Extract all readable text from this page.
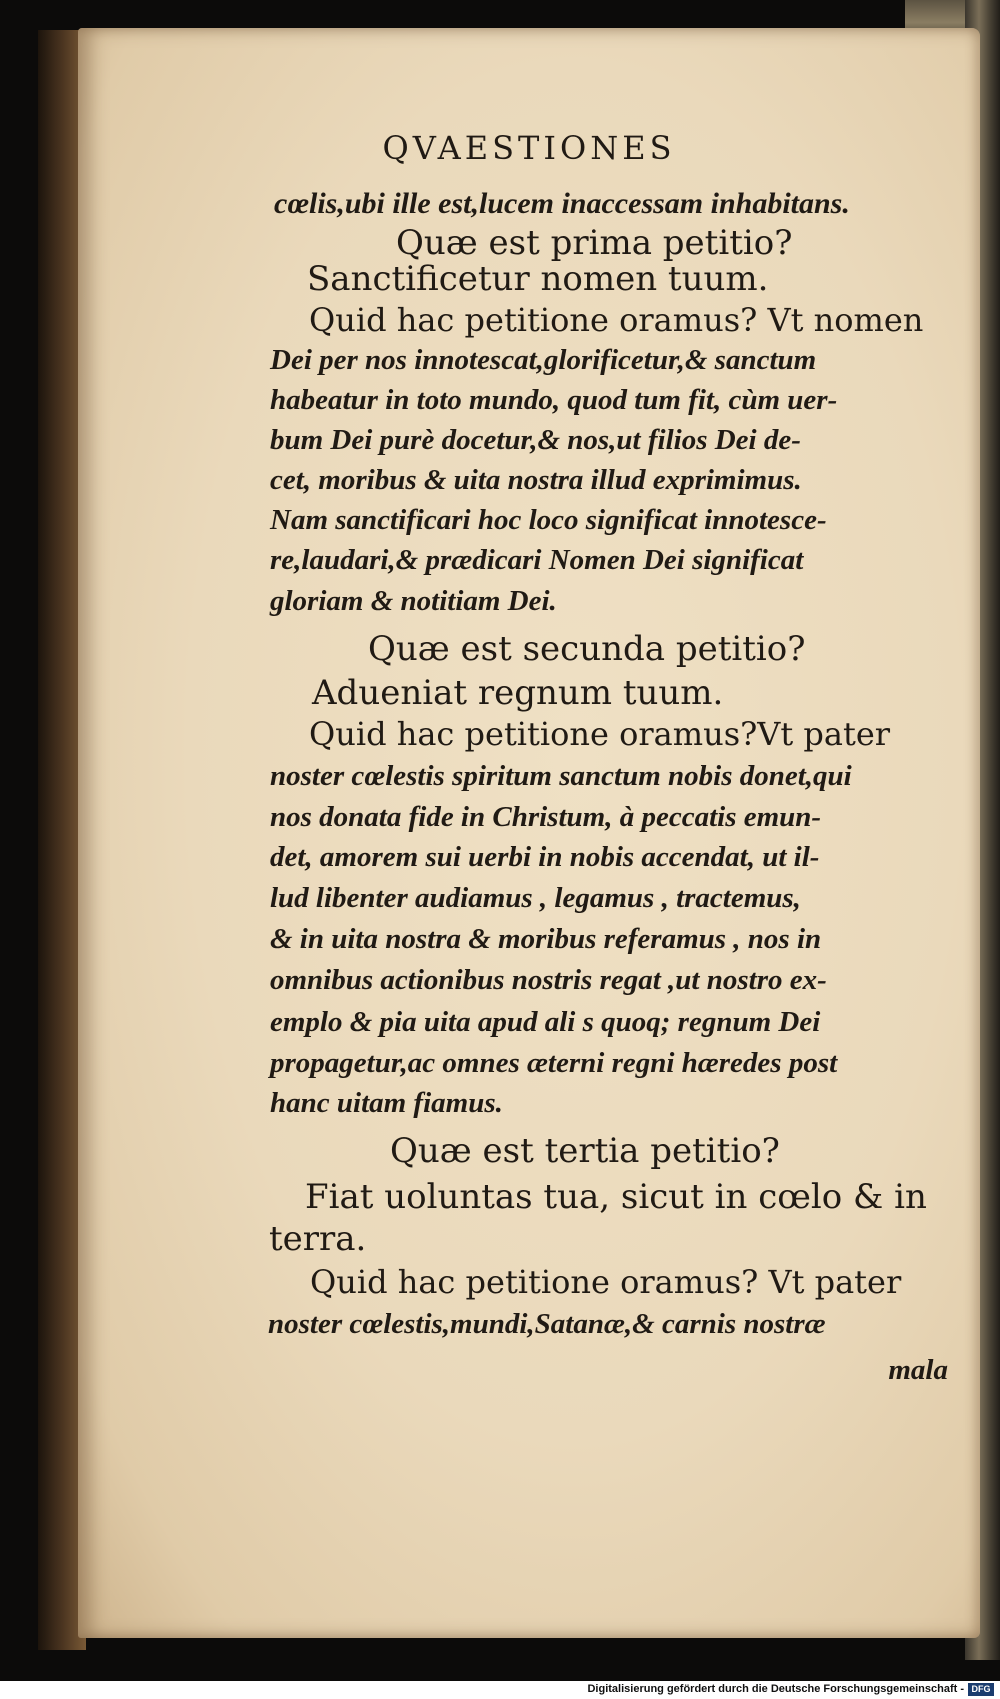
QVAESTIONES
cœlis,ubi ille est,lucem inaccessam inhabitans.
Quæ est prima petitio?
Sanctificetur nomen tuum.
Quid hac petitione oramus? Vt nomen
Dei per nos innotescat,glorificetur,& sanctum
habeatur in toto mundo, quod tum fit, cùm uer-
bum Dei purè docetur,& nos,ut filios Dei de-
cet, moribus & uita nostra illud exprimimus.
Nam sanctificari hoc loco significat innotesce-
re,laudari,& prædicari Nomen Dei significat
gloriam & notitiam Dei.
Quæ est secunda petitio?
Adueniat regnum tuum.
Quid hac petitione oramus?Vt pater
noster cœlestis spiritum sanctum nobis donet,qui
nos donata fide in Christum, à peccatis emun-
det, amorem sui uerbi in nobis accendat, ut il-
lud libenter audiamus , legamus , tractemus,
& in uita nostra & moribus referamus , nos in
omnibus actionibus nostris regat ,ut nostro ex-
emplo & pia uita apud ali s quoq; regnum Dei
propagetur,ac omnes æterni regni hæredes post
hanc uitam fiamus.
Quæ est tertia petitio?
Fiat uoluntas tua, sicut in cœlo & in
terra.
Quid hac petitione oramus? Vt pater
noster cœlestis,mundi,Satanæ,& carnis nostræ
mala
Digitalisierung gefördert durch die Deutsche Forschungsgemeinschaft - DFG
